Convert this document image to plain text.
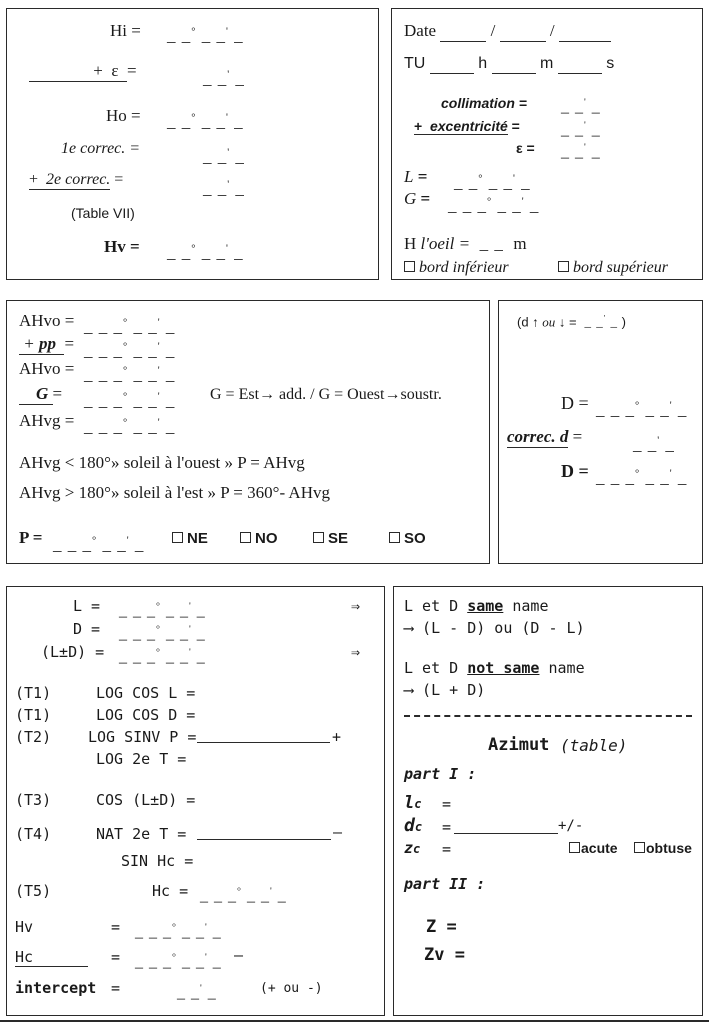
Hi = _ _° _ _' _
+  ε  =	_ _' _
Ho = _ _° _ _' _
1e correc. =	_ _' _
+  2e correc. =	_ _' _
(Table VII)
Hv = _ _° _ _' _
Date	/	/
TU	h	m	s
collimation = _ _' _
+ excentricité =	_ _' _
ε = _ _' _
L = _ _° _ _' _
G = _ _ _° _ _' _
H l'oeil =  _ _  m
bord inférieur	bord supérieur
AHvo = _ _ _° _ _' _
+ pp = _ _ _° _ _' _
AHvo = _ _ _° _ _' _
G = _ _ _° _ _' _ G = Est→ add. / G = Ouest→soustr.
AHvg = _ _ _° _ _' _
AHvg < 180°» soleil à l'ouest » P = AHvg
AHvg > 180°» soleil à l'est » P = 360°- AHvg
P = _ _ _° _ _' _	NE	NO	SE	SO
(d ↑ ou ↓ =  _ _' _ )
D = _ _ _° _ _' _
correc. d =	_ _' _
D = _ _ _° _ _' _
L = _ _ _° _ _' _	⇒
D = _ _ _° _ _' _
(L±D) = _ _ _° _ _' _	⇒
(T1)	LOG COS L =
(T1)	LOG COS D =
(T2) LOG SINV P =	+
LOG 2e T =
(T3)	COS (L±D) =
(T4)	NAT 2e T =	—
SIN Hc =
(T5)	Hc = _ _ _° _ _' _
Hv	= _ _ _° _ _' _
Hc	= _ _ _° _ _' _ —
intercept =	_ _' _	(+ ou -)
L et D same name
⟶ (L - D) ou (D - L)
L et D not same name
⟶ (L + D)
Azimut (table)
part I :
lc =
dc =	+/-
zc =	acute	obtuse
part II :
Z =
Zv =
